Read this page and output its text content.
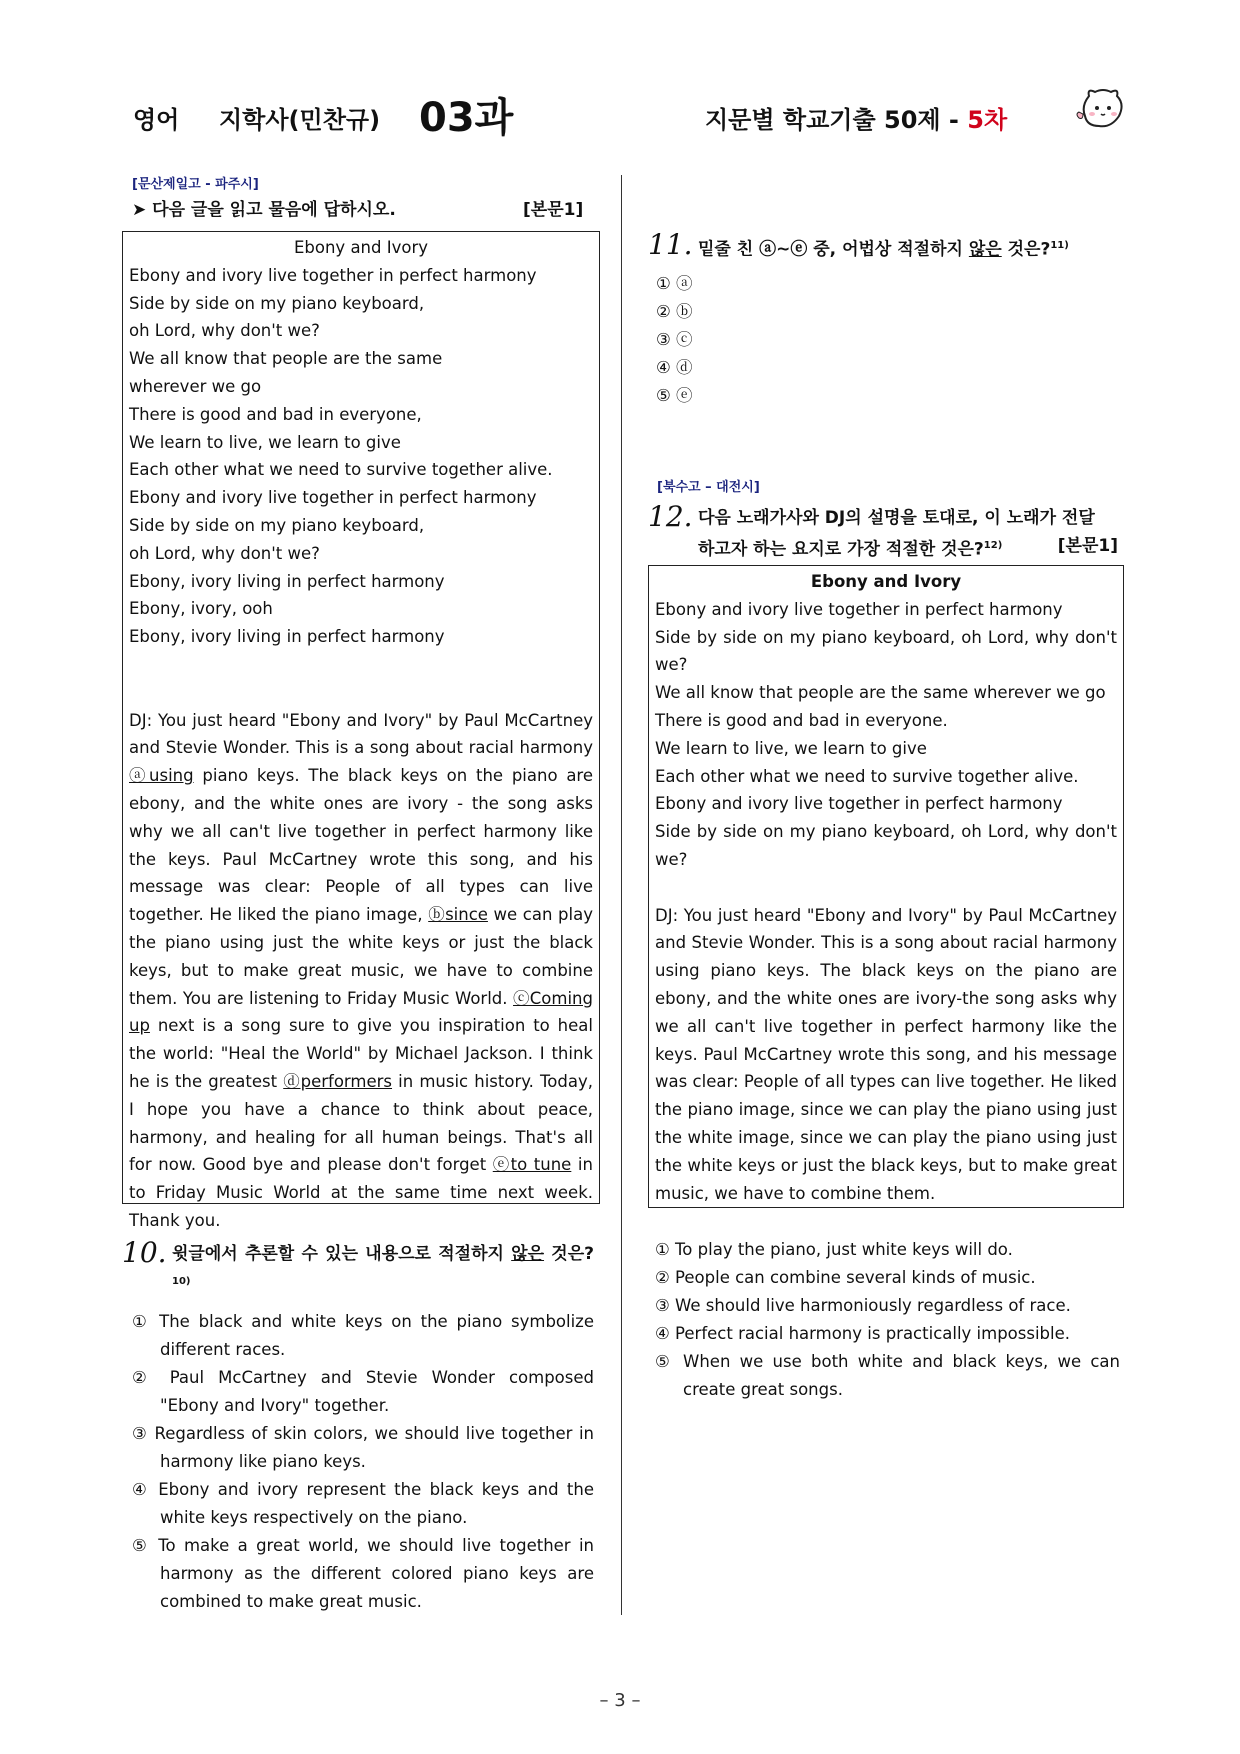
영어 지학사(민찬규) 03과	지문별 학교기출 50제 - 5차
[문산제일고 - 파주시]
➤ 다음 글을 읽고 물음에 답하시오.	[본문1]
Ebony and Ivory
Ebony and ivory live together in perfect harmony
Side by side on my piano keyboard,
oh Lord, why don't we?
We all know that people are the same
wherever we go
There is good and bad in everyone,
We learn to live, we learn to give
Each other what we need to survive together alive.
Ebony and ivory live together in perfect harmony
Side by side on my piano keyboard,
oh Lord, why don't we?
Ebony, ivory living in perfect harmony
Ebony, ivory, ooh
Ebony, ivory living in perfect harmony

DJ: You just heard "Ebony and Ivory" by Paul McCartney and Stevie Wonder. This is a song about racial harmony ⓐusing piano keys. The black keys on the piano are ebony, and the white ones are ivory - the song asks why we all can't live together in perfect harmony like the keys. Paul McCartney wrote this song, and his message was clear: People of all types can live together. He liked the piano image, ⓑsince we can play the piano using just the white keys or just the black keys, but to make great music, we have to combine them. You are listening to Friday Music World. ⓒComing up next is a song sure to give you inspiration to heal the world: "Heal the World" by Michael Jackson. I think he is the greatest ⓓperformers in music history. Today, I hope you have a chance to think about peace, harmony, and healing for all human beings. That's all for now. Good bye and please don't forget ⓔto tune in to Friday Music World at the same time next week. Thank you.

10. 윗글에서 추론할 수 있는 내용으로 적절하지 않은 것은?$^{10)}$
① The black and white keys on the piano symbolize different races.
② Paul McCartney and Stevie Wonder composed "Ebony and Ivory" together.
③ Regardless of skin colors, we should live together in harmony like piano keys.
④ Ebony and ivory represent the black keys and the white keys respectively on the piano.
⑤ To make a great world, we should live together in harmony as the different colored piano keys are combined to make great music.
11. 밑줄 친 ⓐ~ⓔ 중, 어법상 적절하지 않은 것은?$^{11)}$
① ⓐ
② ⓑ
③ ⓒ
④ ⓓ
⑤ ⓔ
[북수고 – 대전시]
12. 다음 노래가사와 DJ의 설명을 토대로, 이 노래가 전달
하고자 하는 요지로 가장 적절한 것은?$^{12)}$	[본문1]
Ebony and Ivory
Ebony and ivory live together in perfect harmony
Side by side on my piano keyboard, oh Lord, why don't we?
We all know that people are the same wherever we go
There is good and bad in everyone.
We learn to live, we learn to give
Each other what we need to survive together alive.
Ebony and ivory live together in perfect harmony
Side by side on my piano keyboard, oh Lord, why don't we?

DJ: You just heard "Ebony and Ivory" by Paul McCartney and Stevie Wonder. This is a song about racial harmony using piano keys. The black keys on the piano are ebony, and the white ones are ivory-the song asks why we all can't live together in perfect harmony like the keys. Paul McCartney wrote this song, and his message was clear: People of all types can live together. He liked the piano image, since we can play the piano using just the white image, since we can play the piano using just the white keys or just the black keys, but to make great music, we have to combine them.

① To play the piano, just white keys will do.
② People can combine several kinds of music.
③ We should live harmoniously regardless of race.
④ Perfect racial harmony is practically impossible.
⑤ When we use both white and black keys, we can create great songs.
– 3 –
